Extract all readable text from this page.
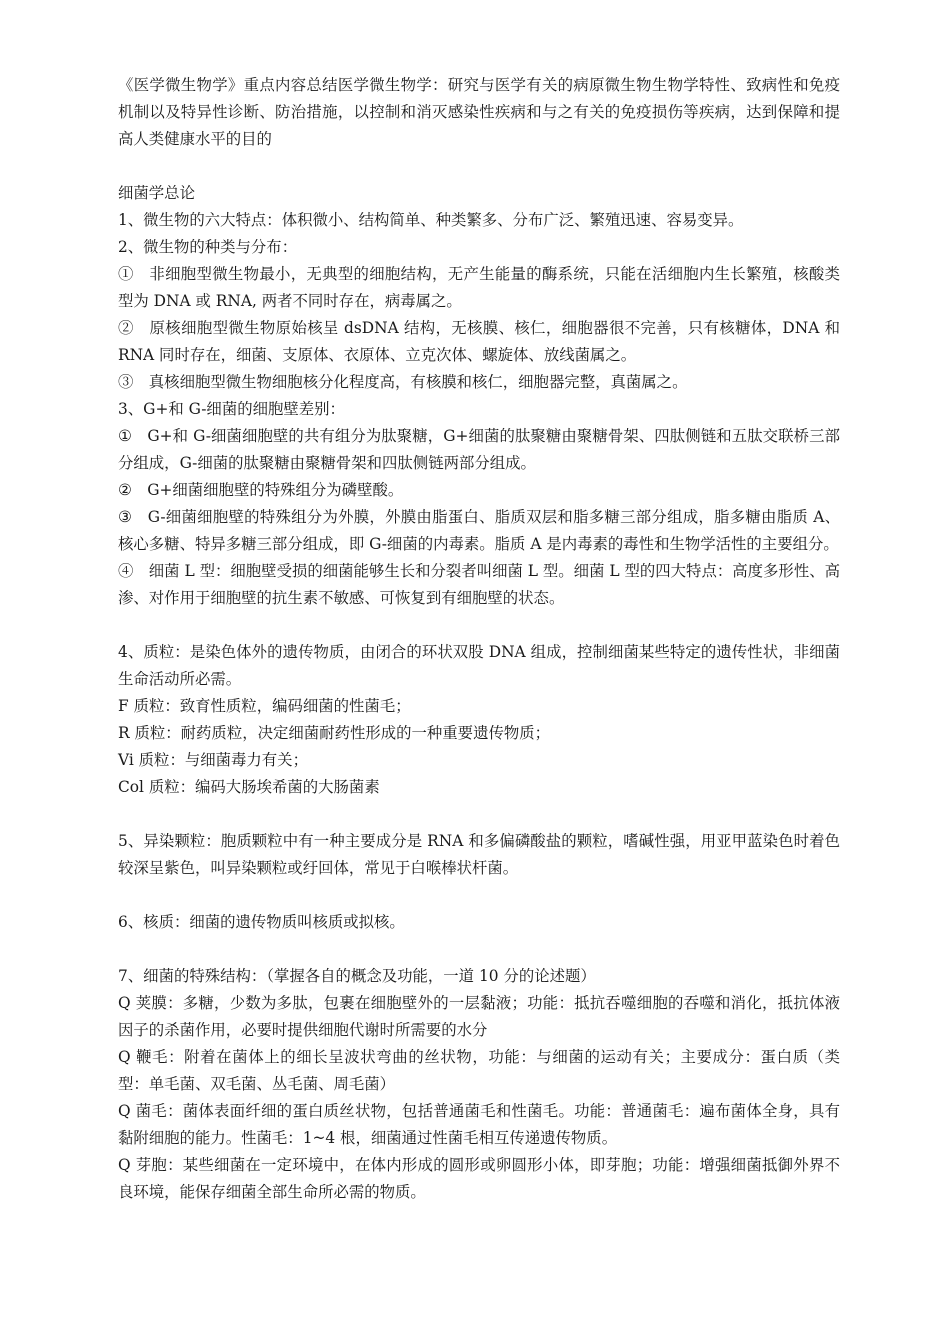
《医学微生物学》重点内容总结医学微生物学：研究与医学有关的病原微生物生物学特性、致病性和免疫机制以及特异性诊断、防治措施，以控制和消灭感染性疾病和与之有关的免疫损伤等疾病，达到保障和提高人类健康水平的目的

细菌学总论

1、微生物的六大特点：体积微小、结构简单、种类繁多、分布广泛、繁殖迅速、容易变异。

2、微生物的种类与分布：

①　非细胞型微生物最小，无典型的细胞结构，无产生能量的酶系统，只能在活细胞内生长繁殖，核酸类型为 DNA 或 RNA, 两者不同时存在，病毒属之。

②　原核细胞型微生物原始核呈 dsDNA 结构，无核膜、核仁，细胞器很不完善，只有核糖体，DNA 和 RNA 同时存在，细菌、支原体、衣原体、立克次体、螺旋体、放线菌属之。

③　真核细胞型微生物细胞核分化程度高，有核膜和核仁，细胞器完整，真菌属之。

3、G+和 G-细菌的细胞壁差别：

①　G+和 G-细菌细胞壁的共有组分为肽聚糖，G+细菌的肽聚糖由聚糖骨架、四肽侧链和五肽交联桥三部分组成，G-细菌的肽聚糖由聚糖骨架和四肽侧链两部分组成。

②　G+细菌细胞壁的特殊组分为磷壁酸。

③　G-细菌细胞壁的特殊组分为外膜，外膜由脂蛋白、脂质双层和脂多糖三部分组成，脂多糖由脂质 A、核心多糖、特异多糖三部分组成，即 G-细菌的内毒素。脂质 A 是内毒素的毒性和生物学活性的主要组分。

④　细菌 L 型：细胞壁受损的细菌能够生长和分裂者叫细菌 L 型。细菌 L 型的四大特点：高度多形性、高渗、对作用于细胞壁的抗生素不敏感、可恢复到有细胞壁的状态。

4、质粒：是染色体外的遗传物质，由闭合的环状双股 DNA 组成，控制细菌某些特定的遗传性状，非细菌生命活动所必需。

F 质粒：致育性质粒，编码细菌的性菌毛；

R 质粒：耐药质粒，决定细菌耐药性形成的一种重要遗传物质；

Vi 质粒：与细菌毒力有关；

Col 质粒：编码大肠埃希菌的大肠菌素

5、异染颗粒：胞质颗粒中有一种主要成分是 RNA 和多偏磷酸盐的颗粒，嗜碱性强，用亚甲蓝染色时着色较深呈紫色，叫异染颗粒或纡回体，常见于白喉棒状杆菌。

6、核质：细菌的遗传物质叫核质或拟核。

7、细菌的特殊结构：（掌握各自的概念及功能，一道 10 分的论述题）

Q 荚膜：多糖，少数为多肽，包裹在细胞壁外的一层黏液；功能：抵抗吞噬细胞的吞噬和消化，抵抗体液因子的杀菌作用，必要时提供细胞代谢时所需要的水分

Q 鞭毛：附着在菌体上的细长呈波状弯曲的丝状物，功能：与细菌的运动有关；主要成分：蛋白质（类型：单毛菌、双毛菌、丛毛菌、周毛菌）

Q 菌毛：菌体表面纤细的蛋白质丝状物，包括普通菌毛和性菌毛。功能：普通菌毛：遍布菌体全身，具有黏附细胞的能力。性菌毛：1~4 根，细菌通过性菌毛相互传递遗传物质。

Q 芽胞：某些细菌在一定环境中，在体内形成的圆形或卵圆形小体，即芽胞；功能：增强细菌抵御外界不良环境，能保存细菌全部生命所必需的物质。
